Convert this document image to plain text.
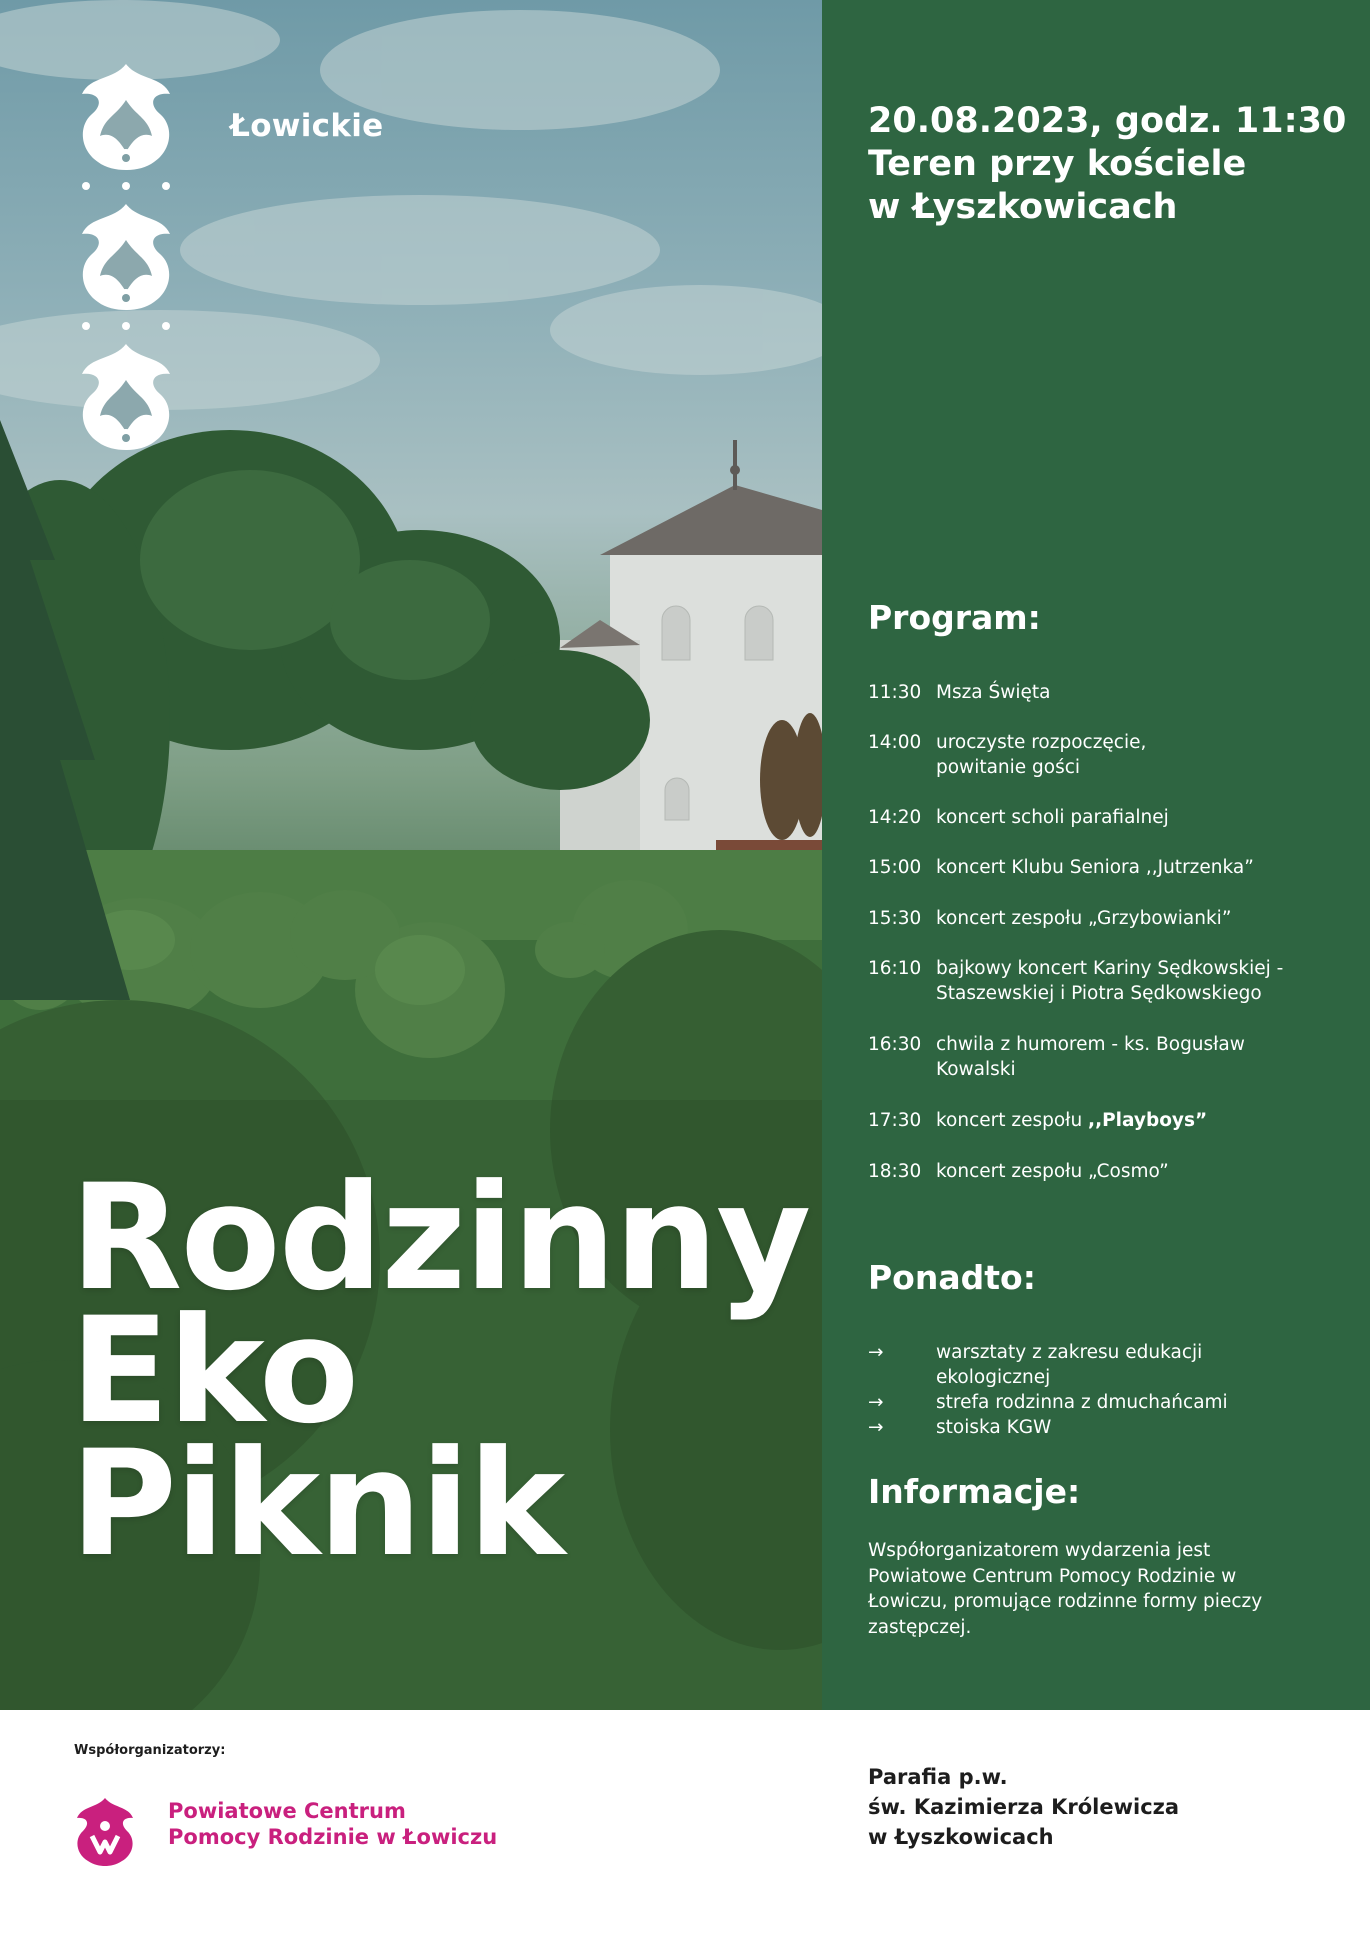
Łowickie
Rodzinny
Eko
Piknik
20.08.2023, godz. 11:30
Teren przy kościele
w Łyszkowicach
Program:
11:30 Msza Święta
14:00 uroczyste rozpoczęcie, powitanie gości
14:20 koncert scholi parafialnej
15:00 koncert Klubu Seniora ,,Jutrzenka”
15:30 koncert zespołu „Grzybowianki”
16:10 bajkowy koncert Kariny Sędkowskiej -Staszewskiej i Piotra Sędkowskiego
16:30 chwila z humorem - ks. Bogusław Kowalski
17:30 koncert zespołu ,,Playboys”
18:30 koncert zespołu „Cosmo”
Ponadto:
→	warsztaty z zakresu edukacji ekologicznej
→	strefa rodzinna z dmuchańcami
→	stoiska KGW
Informacje:
Współorganizatorem wydarzenia jest Powiatowe Centrum Pomocy Rodzinie w Łowiczu, promujące rodzinne formy pieczy zastępczej.
Współorganizatorzy:
Powiatowe Centrum
Pomocy Rodzinie w Łowiczu
Parafia p.w.
św. Kazimierza Królewicza
w Łyszkowicach
